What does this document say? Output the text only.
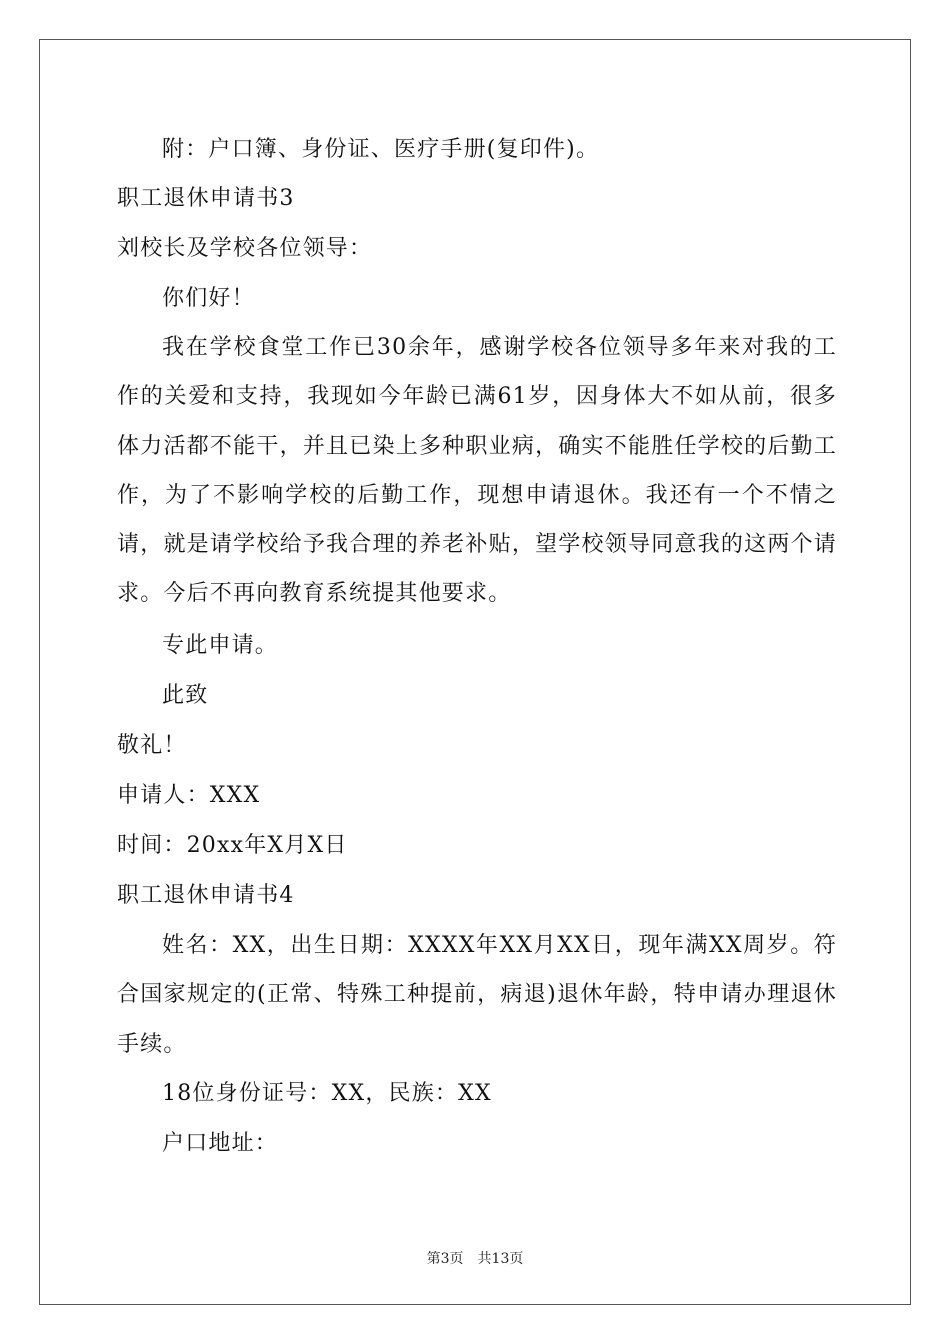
附：户口簿、身份证、医疗手册(复印件)。
职工退休申请书3
刘校长及学校各位领导：
你们好！
我在学校食堂工作已30余年，感谢学校各位领导多年来对我的工作的关爱和支持，我现如今年龄已满61岁，因身体大不如从前，很多体力活都不能干，并且已染上多种职业病，确实不能胜任学校的后勤工作，为了不影响学校的后勤工作，现想申请退休。我还有一个不情之请，就是请学校给予我合理的养老补贴，望学校领导同意我的这两个请求。今后不再向教育系统提其他要求。
专此申请。
此致
敬礼！
申请人：XXX
时间：20xx年X月X日
职工退休申请书4
姓名：XX，出生日期：XXXX年XX月XX日，现年满XX周岁。符合国家规定的(正常、特殊工种提前，病退)退休年龄，特申请办理退休手续。
18位身份证号：XX，民族：XX
户口地址：
第3页　共13页
